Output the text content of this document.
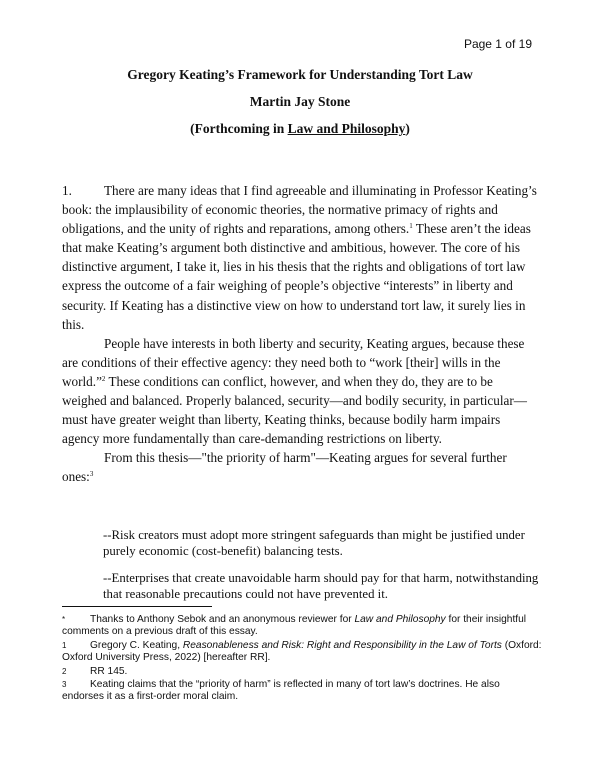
Page 1 of 19
Gregory Keating’s Framework for Understanding Tort Law
Martin Jay Stone
(Forthcoming in Law and Philosophy)

1. There are many ideas that I find agreeable and illuminating in Professor Keating’s book: the implausibility of economic theories, the normative primacy of rights and obligations, and the unity of rights and reparations, among others.$^1$ These aren’t the ideas that make Keating’s argument both distinctive and ambitious, however. The core of his distinctive argument, I take it, lies in his thesis that the rights and obligations of tort law express the outcome of a fair weighing of people’s objective “interests” in liberty and security. If Keating has a distinctive view on how to understand tort law, it surely lies in this.

People have interests in both liberty and security, Keating argues, because these are conditions of their effective agency: they need both to “work [their] wills in the world.”$^2$ These conditions can conflict, however, and when they do, they are to be weighed and balanced. Properly balanced, security—and bodily security, in particular—must have greater weight than liberty, Keating thinks, because bodily harm impairs agency more fundamentally than care-demanding restrictions on liberty.

From this thesis—"the priority of harm"—Keating argues for several further ones:$^3$

--Risk creators must adopt more stringent safeguards than might be justified under purely economic (cost-benefit) balancing tests.

--Enterprises that create unavoidable harm should pay for that harm, notwithstanding that reasonable precautions could not have prevented it.

* Thanks to Anthony Sebok and an anonymous reviewer for Law and Philosophy for their insightful comments on a previous draft of this essay.
1 Gregory C. Keating, Reasonableness and Risk: Right and Responsibility in the Law of Torts (Oxford: Oxford University Press, 2022) [hereafter RR].
2 RR 145.
3 Keating claims that the “priority of harm” is reflected in many of tort law’s doctrines. He also endorses it as a first-order moral claim.
